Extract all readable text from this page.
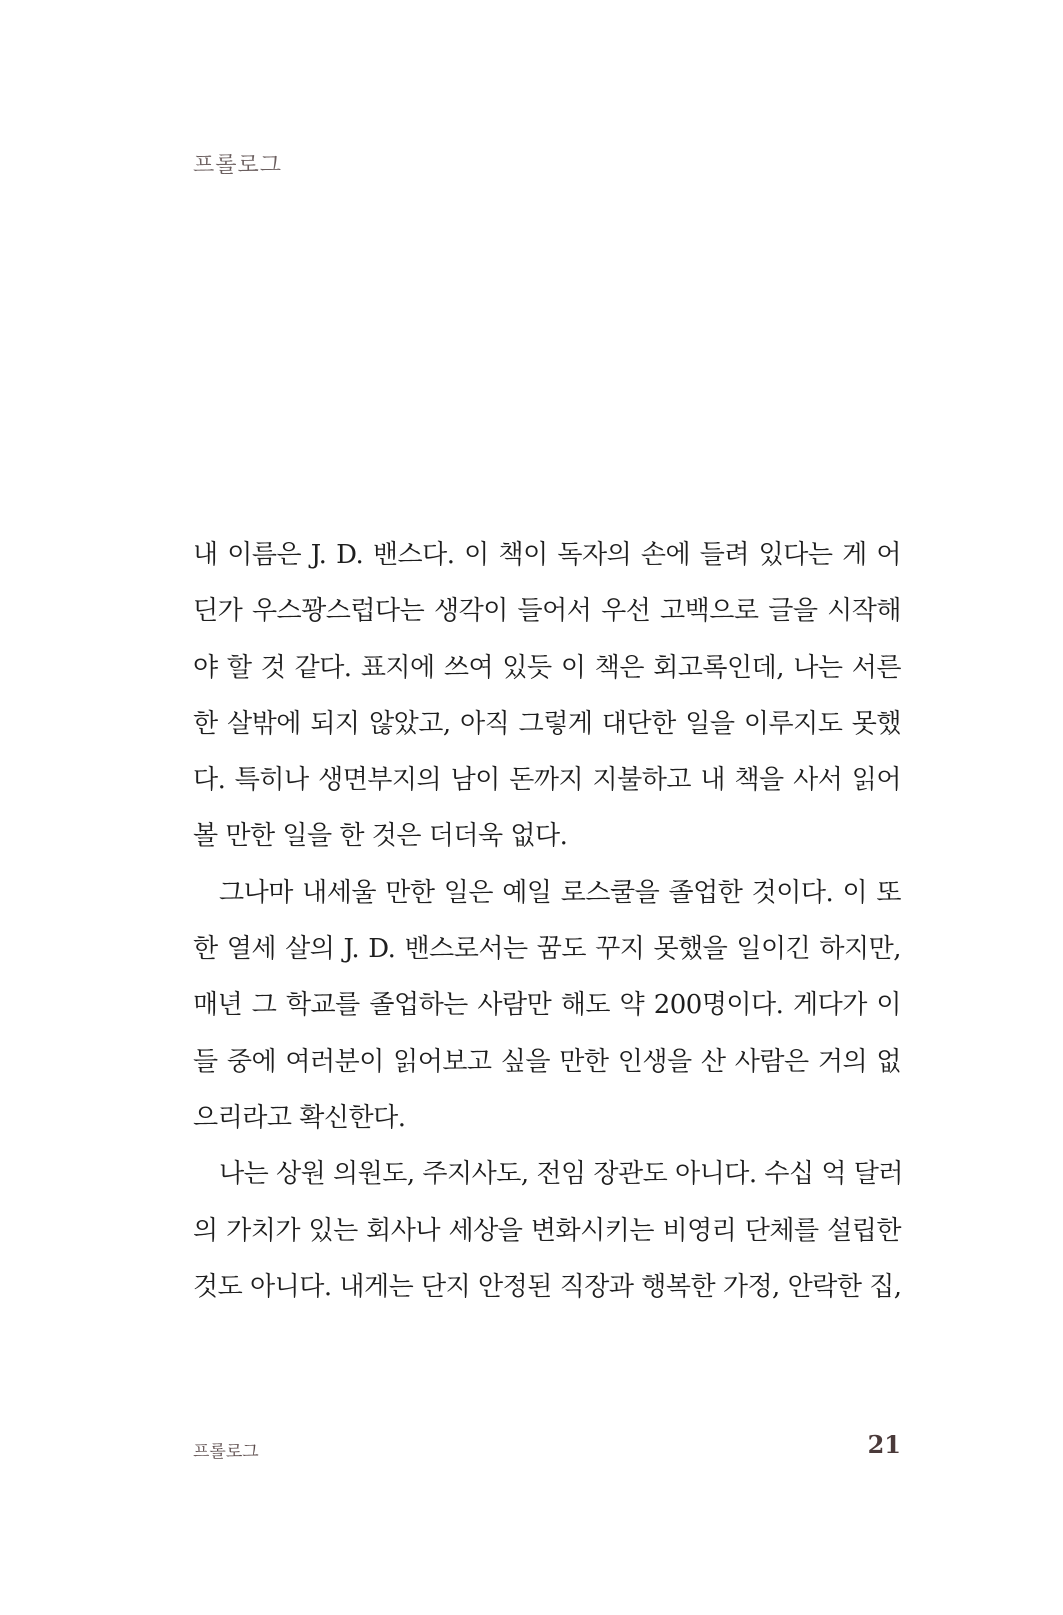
프롤로그
내 이름은 J. D. 밴스다. 이 책이 독자의 손에 들려 있다는 게 어
딘가 우스꽝스럽다는 생각이 들어서 우선 고백으로 글을 시작해
야 할 것 같다. 표지에 쓰여 있듯 이 책은 회고록인데, 나는 서른
한 살밖에 되지 않았고, 아직 그렇게 대단한 일을 이루지도 못했
다. 특히나 생면부지의 남이 돈까지 지불하고 내 책을 사서 읽어
볼 만한 일을 한 것은 더더욱 없다.
그나마 내세울 만한 일은 예일 로스쿨을 졸업한 것이다. 이 또
한 열세 살의 J. D. 밴스로서는 꿈도 꾸지 못했을 일이긴 하지만,
매년 그 학교를 졸업하는 사람만 해도 약 200명이다. 게다가 이
들 중에 여러분이 읽어보고 싶을 만한 인생을 산 사람은 거의 없
으리라고 확신한다.
나는 상원 의원도, 주지사도, 전임 장관도 아니다. 수십 억 달러
의 가치가 있는 회사나 세상을 변화시키는 비영리 단체를 설립한
것도 아니다. 내게는 단지 안정된 직장과 행복한 가정, 안락한 집,
프롤로그	21
